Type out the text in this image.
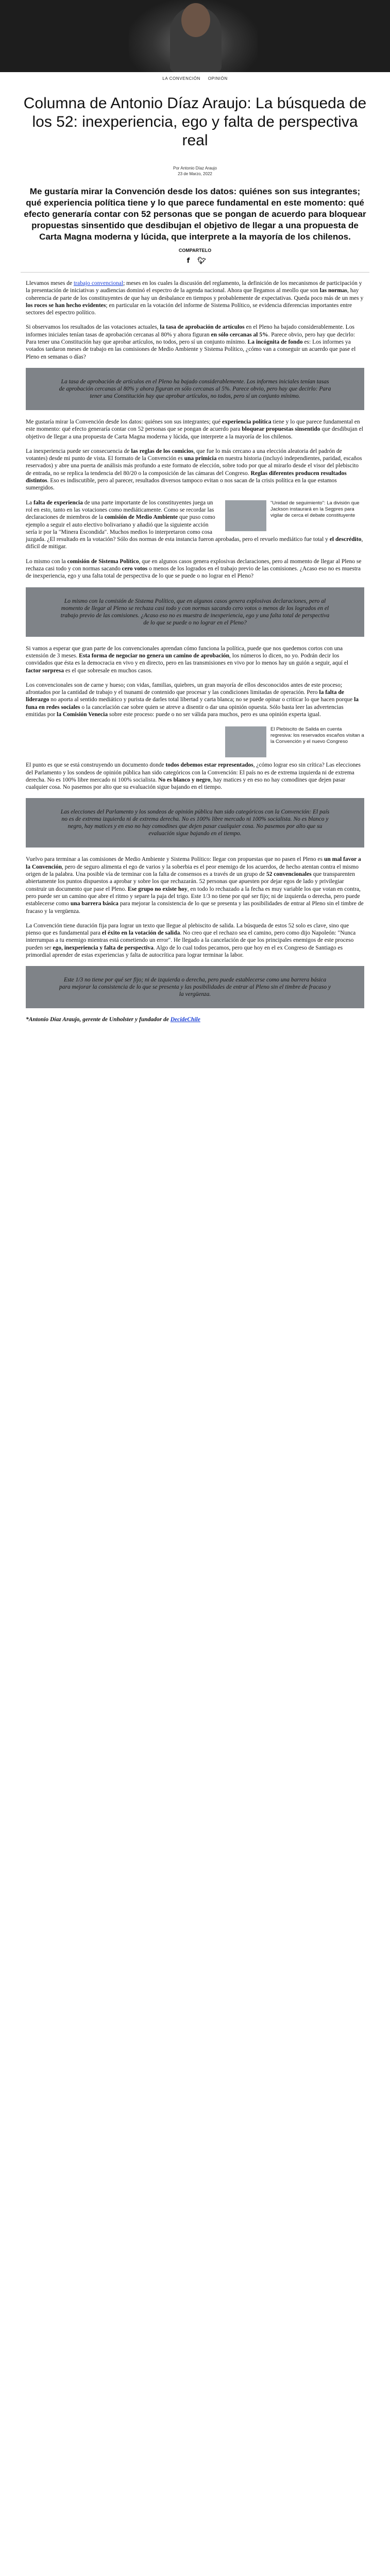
LA CONVENCIÓN OPINIÓN
Columna de Antonio Díaz Araujo: La búsqueda de los 52: inexperiencia, ego y falta de perspectiva real
Por Antonio Díaz Araujo
23 de Marzo, 2022

Me gustaría mirar la Convención desde los datos: quiénes son sus integrantes; qué experiencia política tiene y lo que parece fundamental en este momento: qué efecto generaría contar con 52 personas que se pongan de acuerdo para bloquear propuestas sinsentido que desdibujan el objetivo de llegar a una propuesta de Carta Magna moderna y lúcida, que interprete a la mayoría de los chilenos.

COMPARTELO
f 🐦︎

Llevamos meses de trabajo convencional; meses en los cuales la discusión del reglamento, la definición de los mecanismos de participación y la presentación de iniciativas y audiencias dominó el espectro de la agenda nacional. Ahora que llegamos al meollo que son las normas, hay coherencia de parte de los constituyentes de que hay un desbalance en tiempos y probablemente de expectativas. Queda poco más de un mes y los roces se han hecho evidentes; en particular en la votación del informe de Sistema Político, se evidencia diferencias importantes entre sectores del espectro político.

Si observamos los resultados de las votaciones actuales, la tasa de aprobación de artículos en el Pleno ha bajado considerablemente. Los informes iniciales tenían tasas de aprobación cercanas al 80% y ahora figuran en sólo cercanas al 5%. Parece obvio, pero hay que decirlo: Para tener una Constitución hay que aprobar artículos, no todos, pero sí un conjunto mínimo. La incógnita de fondo es: Los informes ya votados tardaron meses de trabajo en las comisiones de Medio Ambiente y Sistema Político, ¿cómo van a conseguir un acuerdo que pase el Pleno en semanas o días?

La tasa de aprobación de artículos en el Pleno ha bajado considerablemente. Los informes iniciales tenían tasas de aprobación cercanas al 80% y ahora figuran en sólo cercanas al 5%. Parece obvio, pero hay que decirlo: Para tener una Constitución hay que aprobar artículos, no todos, pero sí un conjunto mínimo.

Me gustaría mirar la Convención desde los datos: quiénes son sus integrantes; qué experiencia política tiene y lo que parece fundamental en este momento: qué efecto generaría contar con 52 personas que se pongan de acuerdo para bloquear propuestas sinsentido que desdibujan el objetivo de llegar a una propuesta de Carta Magna moderna y lúcida, que interprete a la mayoría de los chilenos.

La inexperiencia puede ser consecuencia de las reglas de los comicios, que fue lo más cercano a una elección aleatoria del padrón de votantes) desde mi punto de vista. El formato de la Convención es una primicia en nuestra historia (incluyó independientes, paridad, escaños reservados) y abre una puerta de análisis más profundo a este formato de elección, sobre todo por que al mirarlo desde el visor del plebiscito de entrada, no se replica la tendencia del 80/20 o la composición de las cámaras del Congreso. Reglas diferentes producen resultados distintos. Eso es indiscutible, pero al parecer, resultados diversos tampoco evitan o nos sacan de la crisis política en la que estamos sumergidos.

"Unidad de seguimiento": La división que Jackson instaurará en la Segpres para vigilar de cerca el debate constituyente

La falta de experiencia de una parte importante de los constituyentes juega un rol en esto, tanto en las votaciones como mediáticamente. Como se recordar las declaraciones de miembros de la comisión de Medio Ambiente que puso como ejemplo a seguir el auto electivo bolivariano y añadió que la siguiente acción sería ir por la "Minera Escondida". Muchos medios lo interpretaron como cosa juzgada. ¿El resultado en la votación? Sólo dos normas de esta instancia fueron aprobadas, pero el revuelo mediático fue total y el descrédito, difícil de mitigar.

Lo mismo con la comisión de Sistema Político, que en algunos casos genera explosivas declaraciones, pero al momento de llegar al Pleno se rechaza casi todo y con normas sacando cero votos o menos de los logrados en el trabajo previo de las comisiones. ¿Acaso eso no es muestra de inexperiencia, ego y una falta total de perspectiva de lo que se puede o no lograr en el Pleno?

Lo mismo con la comisión de Sistema Político, que en algunos casos genera explosivas declaraciones, pero al momento de llegar al Pleno se rechaza casi todo y con normas sacando cero votos o menos de los logrados en el trabajo previo de las comisiones. ¿Acaso eso no es muestra de inexperiencia, ego y una falta total de perspectiva de lo que se puede o no lograr en el Pleno?

Si vamos a esperar que gran parte de los convencionales aprendan cómo funciona la política, puede que nos quedemos cortos con una extensión de 3 meses. Esta forma de negociar no genera un camino de aprobación, los números lo dicen, no yo. Podrán decir los convidados que ésta es la democracia en vivo y en directo, pero en las transmisiones en vivo por lo menos hay un guión a seguir, aquí el factor sorpresa es el que sobresale en muchos casos.

Los convencionales son de carne y hueso; con vidas, familias, quiebres, un gran mayoría de ellos desconocidos antes de este proceso; afrontados por la cantidad de trabajo y el tsunami de contenido que procesar y las condiciones limitadas de operación. Pero la falta de liderazgo no aporta al sentido mediático y purista de darles total libertad y carta blanca; no se puede opinar o criticar lo que hacen porque la funa en redes sociales o la cancelación cae sobre quien se atreve a disentir o dar una opinión opuesta. Sólo basta leer las advertencias emitidas por la Comisión Venecia sobre este proceso: puede o no ser válida para muchos, pero es una opinión experta igual.

El Plebiscito de Salida en cuenta regresiva: los reservados escaños visitan a la Convención y el nuevo Congreso

El punto es que se está construyendo un documento donde todos debemos estar representados, ¿cómo lograr eso sin crítica? Las elecciones del Parlamento y los sondeos de opinión pública han sido categóricos con la Convención: El país no es de extrema izquierda ni de extrema derecha. No es 100% libre mercado ni 100% socialista. No es blanco y negro, hay matices y en eso no hay comodines que dejen pasar cualquier cosa. No pasemos por alto que su evaluación sigue bajando en el tiempo.

Las elecciones del Parlamento y los sondeos de opinión pública han sido categóricos con la Convención: El país no es de extrema izquierda ni de extrema derecha. No es 100% libre mercado ni 100% socialista. No es blanco y negro, hay matices y en eso no hay comodines que dejen pasar cualquier cosa. No pasemos por alto que su evaluación sigue bajando en el tiempo.

Vuelvo para terminar a las comisiones de Medio Ambiente y Sistema Político: llegar con propuestas que no pasen el Pleno es un mal favor a la Convención, pero de seguro alimenta el ego de varios y la soberbia es el peor enemigo de los acuerdos, de hecho atentan contra el mismo origen de la palabra. Una posible vía de terminar con la falta de consensos es a través de un grupo de 52 convencionales que transparenten abiertamente los puntos dispuestos a aprobar y sobre los que rechazarán. 52 personas que apuesten por dejar egos de lado y privilegiar construir un documento que pase el Pleno. Ese grupo no existe hoy, en todo lo rechazado a la fecha es muy variable los que votan en contra, pero puede ser un camino que abre el ritmo y separe la paja del trigo. Este 1/3 no tiene por qué ser fijo; ni de izquierda o derecha, pero puede establecerse como una barrera básica para mejorar la consistencia de lo que se presenta y las posibilidades de entrar al Pleno sin el timbre de fracaso y la vergüenza.

La Convención tiene duración fija para lograr un texto que llegue al plebiscito de salida. La búsqueda de estos 52 solo es clave, sino que pienso que es fundamental para el éxito en la votación de salida. No creo que el rechazo sea el camino, pero como dijo Napoleón: "Nunca interrumpas a tu enemigo mientras está cometiendo un error". He llegado a la cancelación de que los principales enemigos de este proceso pueden ser ego, inexperiencia y falta de perspectiva. Algo de lo cual todos pecamos, pero que hoy en el ex Congreso de Santiago es primordial aprender de estas experiencias y falta de autocrítica para lograr terminar la labor.

Este 1/3 no tiene por qué ser fijo; ni de izquierda o derecha, pero puede establecerse como una barrera básica para mejorar la consistencia de lo que se presenta y las posibilidades de entrar al Pleno sin el timbre de fracaso y la vergüenza.

*Antonio Díaz Araujo, gerente de Unholster y fundador de DecideChile
